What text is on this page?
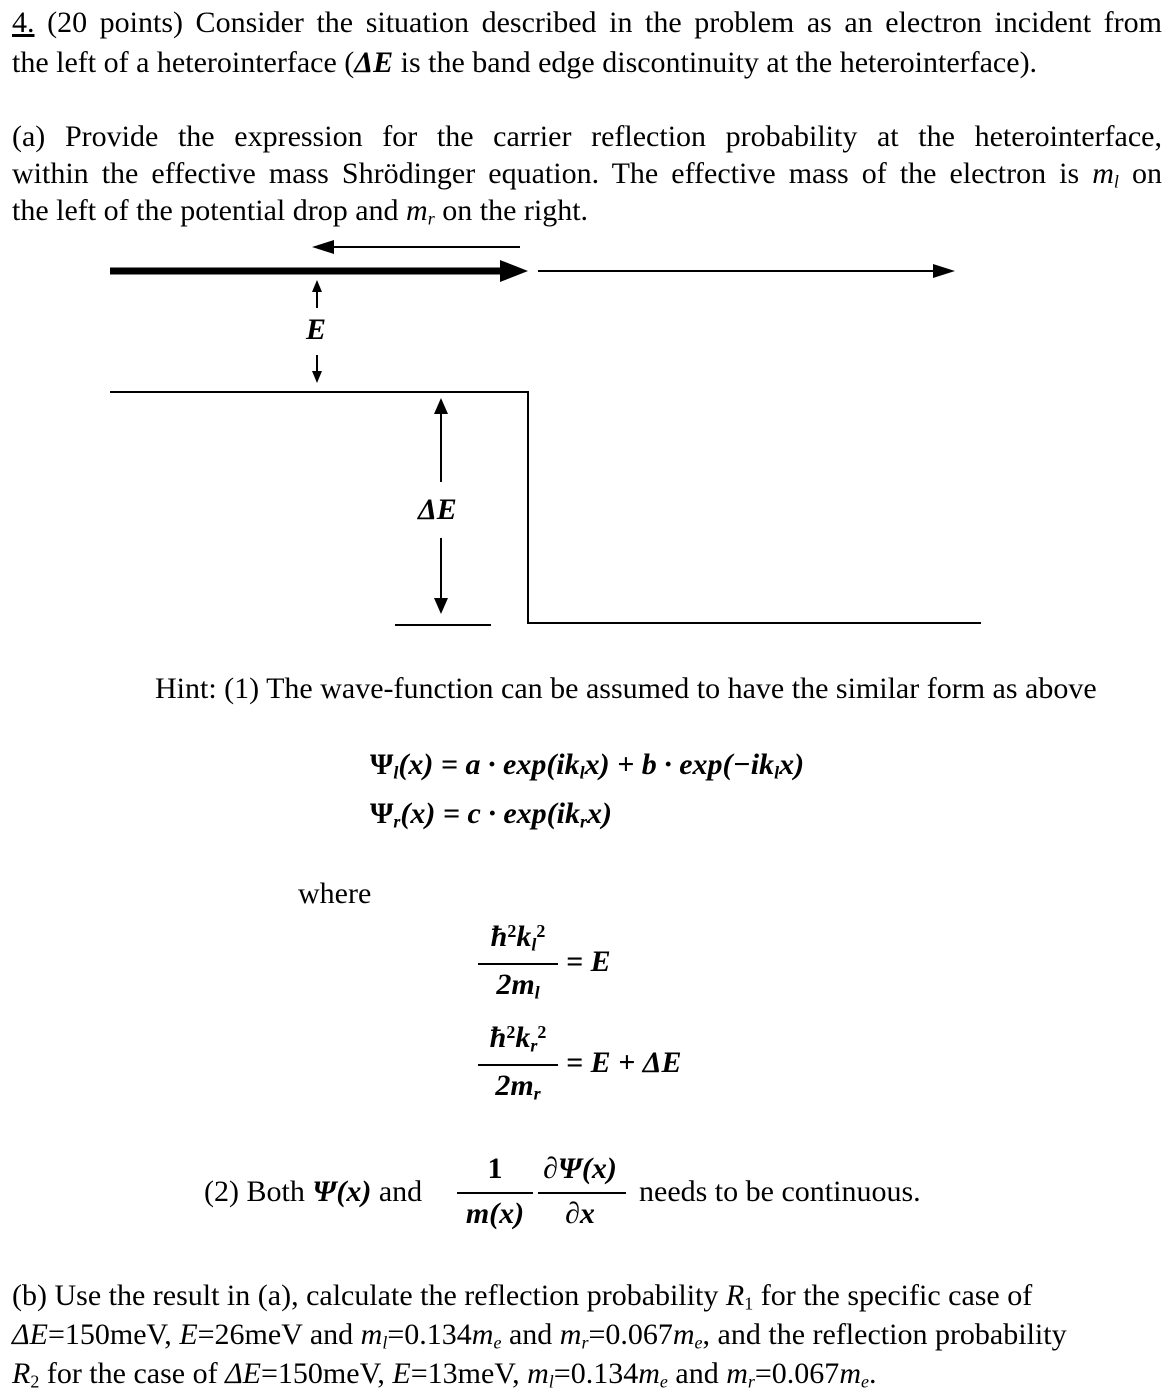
4. (20 points) Consider the situation described in the problem as an electron incident from
the left of a heterointerface (ΔE is the band edge discontinuity at the heterointerface).
(a) Provide the expression for the carrier reflection probability at the heterointerface,
within the effective mass Shrödinger equation. The effective mass of the electron is $m_l$ on
the left of the potential drop and $m_r$ on the right.
E
ΔE
Hint: (1) The wave-function can be assumed to have the similar form as above
$\Psi_l(x) = a \cdot \exp(ik_lx) + b \cdot \exp(-ik_lx)$
$\Psi_r(x) = c \cdot \exp(ik_rx)$
where
$ħ^2k_l^2$
$2m_l$
= E
$ħ^2k_r^2$
$2m_r$
= E + ΔE
(2) Both Ψ(x) and
1
m(x)
∂Ψ(x)
∂x
needs to be continuous.
(b) Use the result in (a), calculate the reflection probability $R_1$ for the specific case of
ΔE=150meV, E=26meV and $m_l=0.134m_e$ and $m_r=0.067m_e$, and the reflection probability
$R_2$ for the case of ΔE=150meV, E=13meV, $m_l=0.134m_e$ and $m_r=0.067m_e$.
